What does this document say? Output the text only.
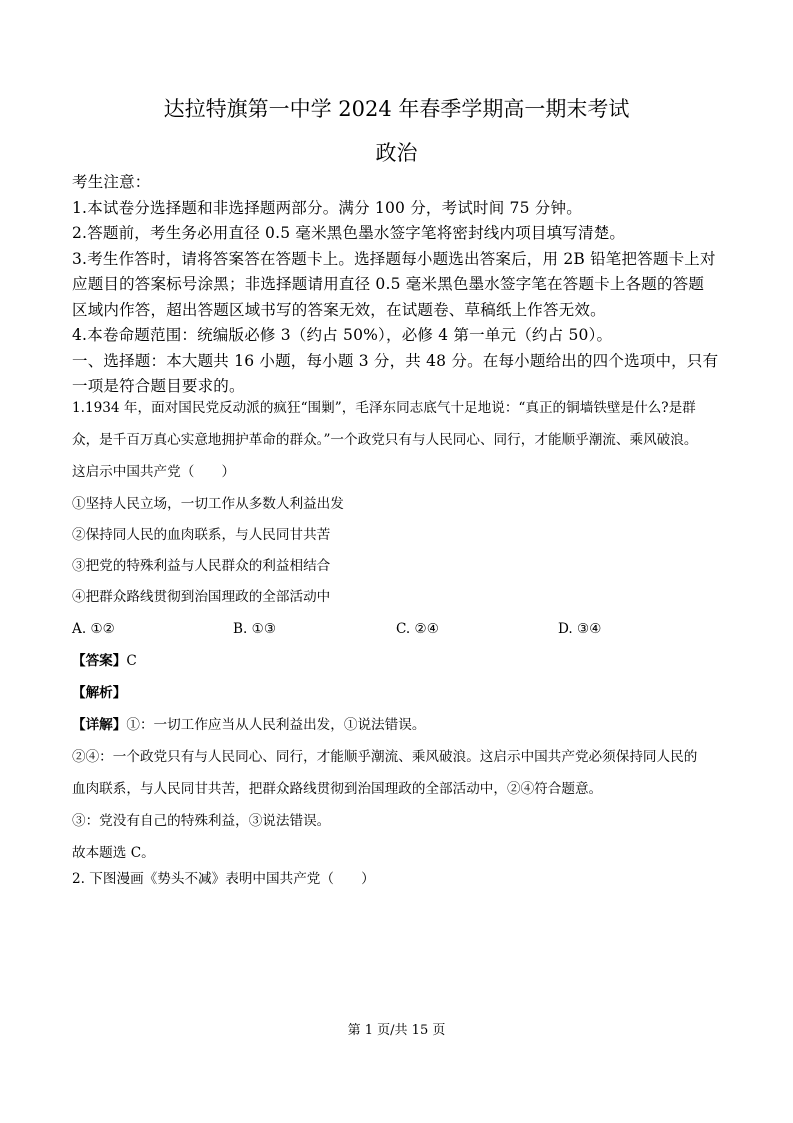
达拉特旗第一中学 2024 年春季学期高一期末考试
政治

考生注意：

1.本试卷分选择题和非选择题两部分。满分 100 分，考试时间 75 分钟。

2.答题前，考生务必用直径 0.5 毫米黑色墨水签字笔将密封线内项目填写清楚。

3.考生作答时，请将答案答在答题卡上。选择题每小题选出答案后，用 2B 铅笔把答题卡上对

应题目的答案标号涂黑；非选择题请用直径 0.5 毫米黑色墨水签字笔在答题卡上各题的答题

区域内作答，超出答题区域书写的答案无效，在试题卷、草稿纸上作答无效。

4.本卷命题范围：统编版必修 3（约占 50%），必修 4 第一单元（约占 50）。

一、选择题：本大题共 16 小题，每小题 3 分，共 48 分。在每小题给出的四个选项中，只有

一项是符合题目要求的。

1.1934 年，面对国民党反动派的疯狂“围剿”，毛泽东同志底气十足地说：“真正的铜墙铁壁是什么?是群

众，是千百万真心实意地拥护革命的群众。”一个政党只有与人民同心、同行，才能顺乎潮流、乘风破浪。

这启示中国共产党（　　）

①坚持人民立场，一切工作从多数人利益出发

②保持同人民的血肉联系，与人民同甘共苦

③把党的特殊利益与人民群众的利益相结合

④把群众路线贯彻到治国理政的全部活动中

A. ①②	B. ①③	C. ②④	D. ③④
【答案】C
【解析】

【详解】①：一切工作应当从人民利益出发，①说法错误。

②④：一个政党只有与人民同心、同行，才能顺乎潮流、乘风破浪。这启示中国共产党必须保持同人民的

血肉联系，与人民同甘共苦，把群众路线贯彻到治国理政的全部活动中，②④符合题意。

③：党没有自己的特殊利益，③说法错误。

故本题选 C。

2. 下图漫画《势头不减》表明中国共产党（　　）
第 1 页/共 15 页
